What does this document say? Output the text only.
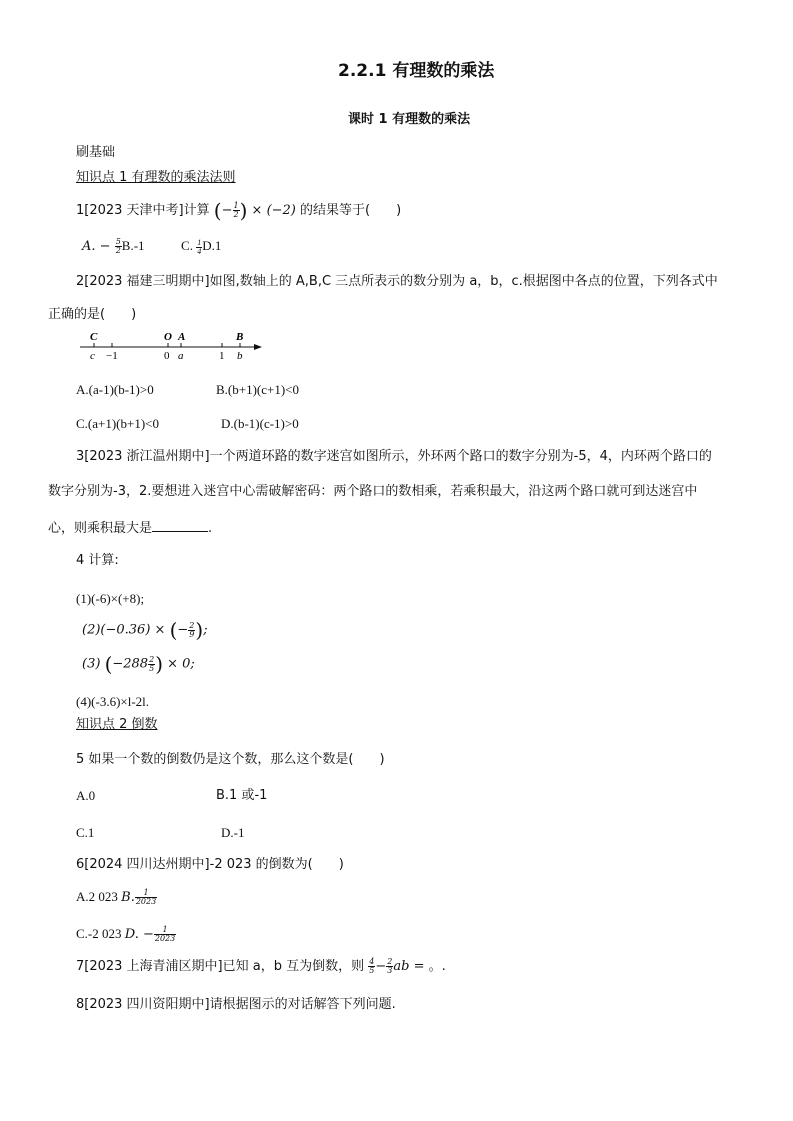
2.2.1 有理数的乘法
课时 1 有理数的乘法
刷基础
知识点 1 有理数的乘法法则
1[2023 天津中考]计算 (− $\frac{1}{2}$ ) × (−2) 的结果等于(　　)
A. − $\frac{5}{2} B.-1$	C. $\frac{1}{4} D.1$
2[2023 福建三明期中]如图,数轴上的 A,B,C 三点所表示的数分别为 a，b，c.根据图中各点的位置，下列各式中
正确的是(　　)
C	O A	B
c −1	0 a	1 b
A.(a-1)(b-1)>0	B.(b+1)(c+1)<0
C.(a+1)(b+1)<0	D.(b-1)(c-1)>0
3[2023 浙江温州期中]一个两道环路的数字迷宫如图所示，外环两个路口的数字分别为-5，4，内环两个路口的
数字分别为-3，2.要想进入迷宫中心需破解密码：两个路口的数相乘，若乘积最大，沿这两个路口就可到达迷宫中
心，则乘积最大是	.
4 计算:
(1)(-6)×(+8);
(2)(−0.36) × (− $\frac{2}{9}$ );
(3) ($-288 \frac{2}{5}$ ) × 0;
(4)(-3.6)×l-2l.
知识点 2 倒数
5 如果一个数的倒数仍是这个数，那么这个数是(　　)
A.0	B.1 或-1
C.1	D.-1
6[2024 四川达州期中]-2 023 的倒数为(　　)
A.2 023 B. $\frac{1}{2023}$
C.-2 023 D. − $\frac{1}{2023}$
7[2023 上海青浦区期中]已知 a，b 互为倒数，则 $\frac{4}{5} - \frac{2}{3}$ ab = 。.
8[2023 四川资阳期中]请根据图示的对话解答下列问题.
